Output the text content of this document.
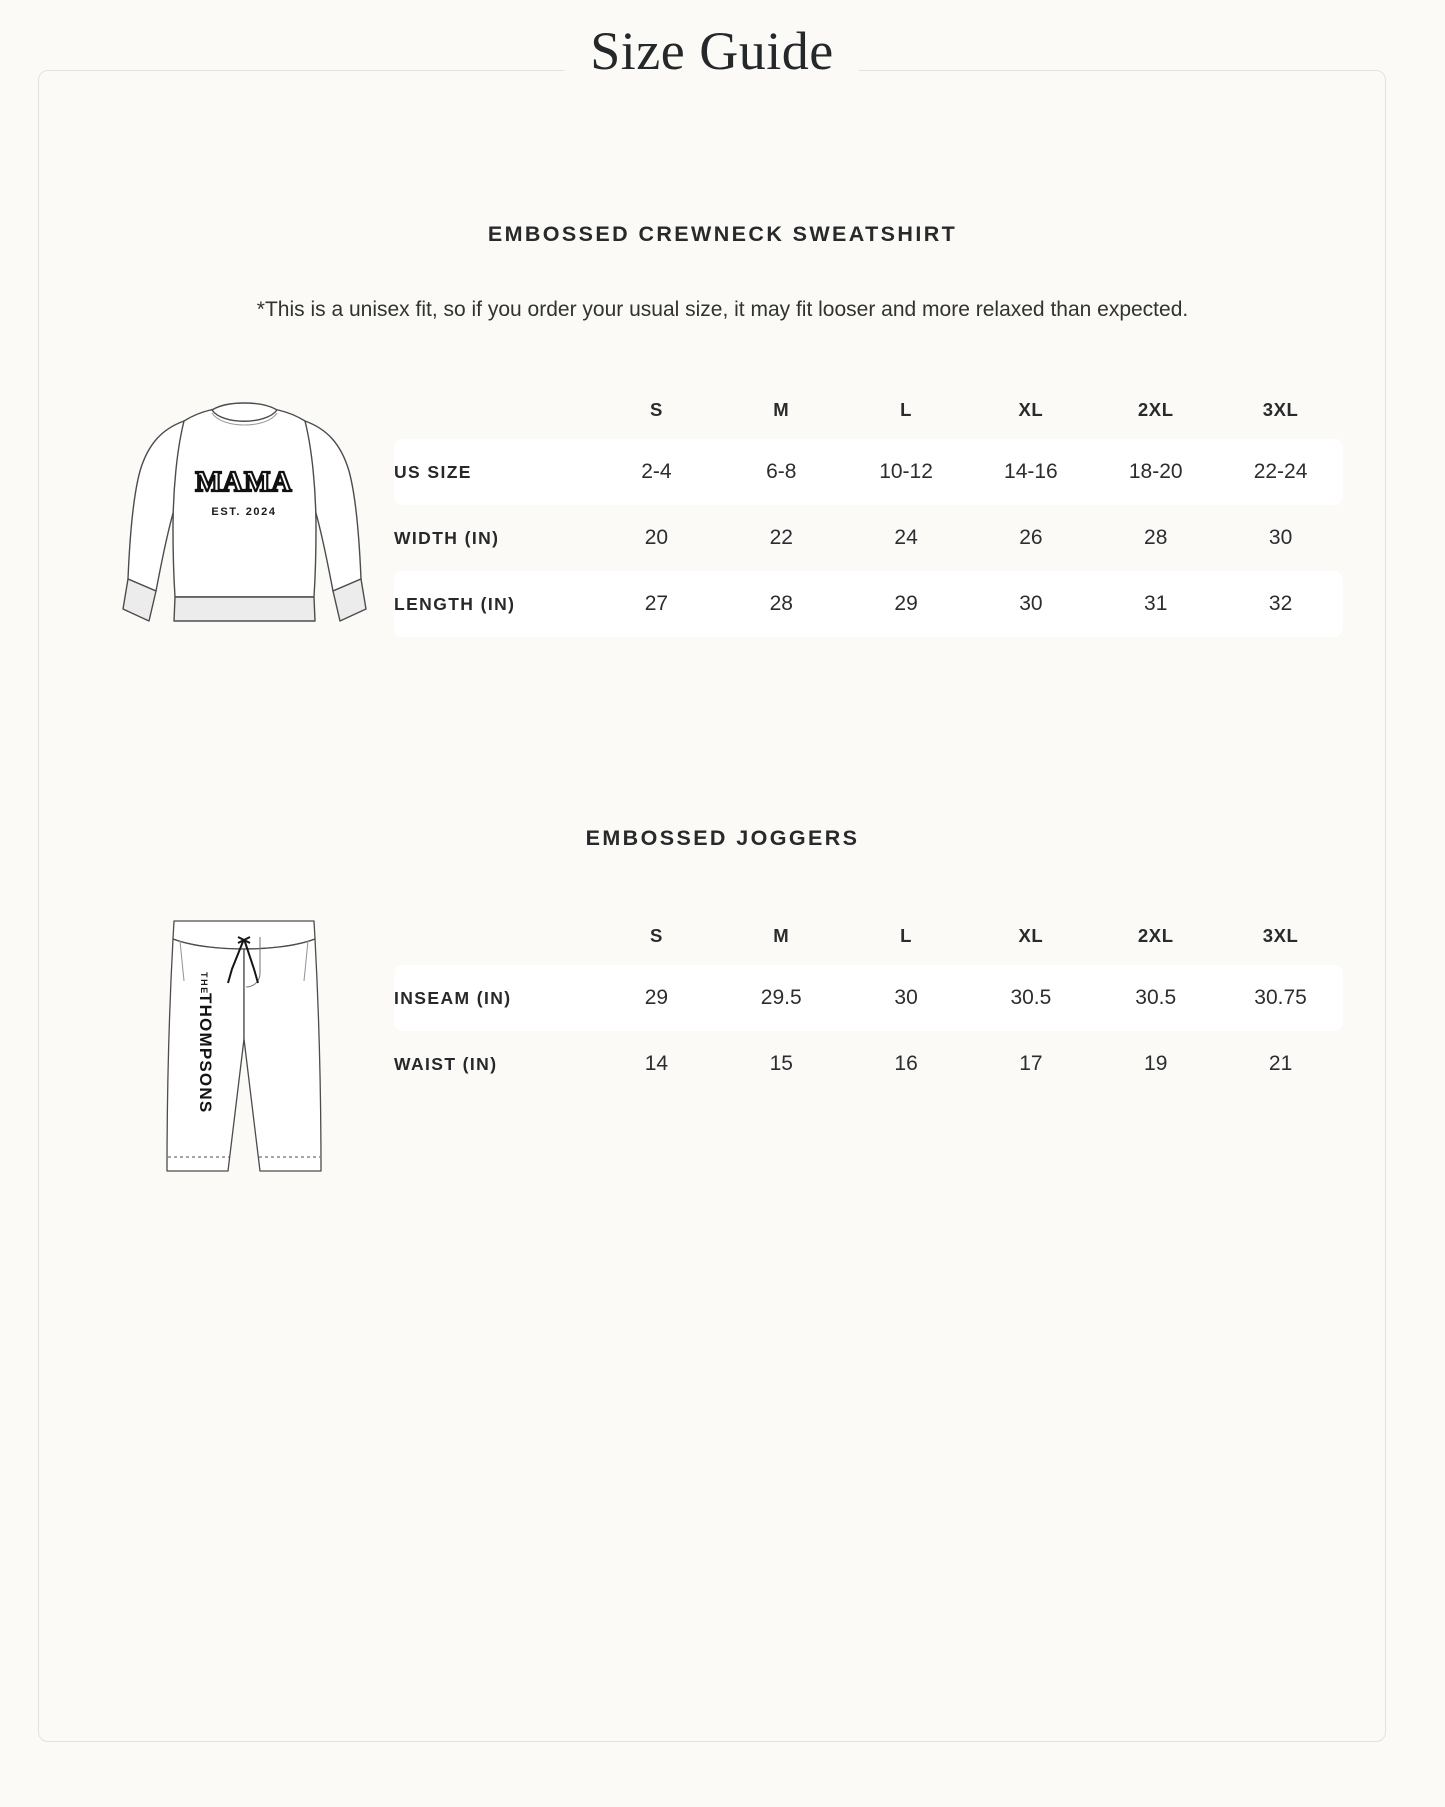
Size Guide
EMBOSSED CREWNECK SWEATSHIRT
*This is a unisex fit, so if you order your usual size, it may fit looser and more relaxed than expected.
MAMA
EST. 2024
	S	M	L	XL	2XL	3XL
US SIZE	2-4	6-8	10-12	14-16	18-20	22-24
WIDTH (IN)	20	22	24	26	28	30
LENGTH (IN)	27	28	29	30	31	32
EMBOSSED JOGGERS
THE
THOMPSONS
	S	M	L	XL	2XL	3XL
INSEAM (IN)	29	29.5	30	30.5	30.5	30.75
WAIST (IN)	14	15	16	17	19	21
